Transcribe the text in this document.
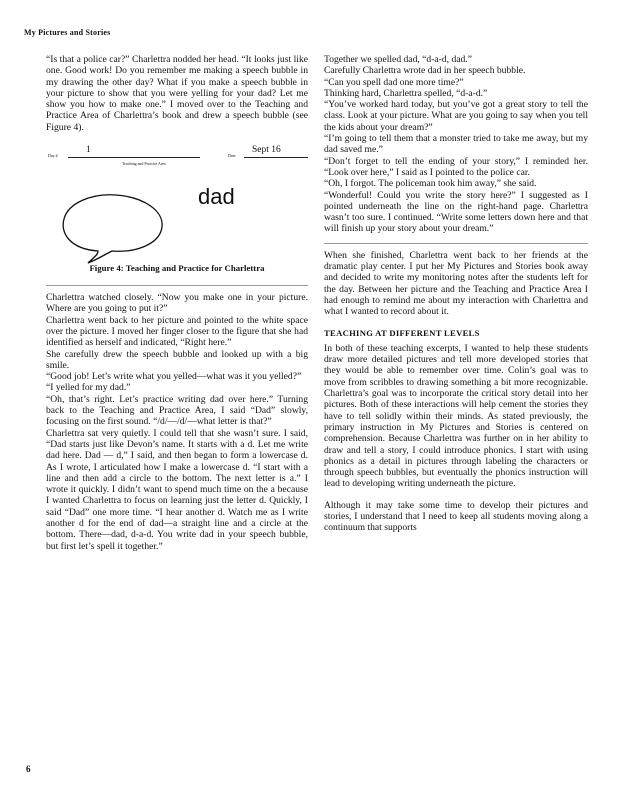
My Pictures and Stories

“Is that a police car?” Charlettra nodded her head. “It looks just like one. Good work! Do you remember me making a speech bubble in my drawing the other day? What if you make a speech bubble in your picture to show that you were yelling for your dad? Let me show you how to make one.” I moved over to the Teaching and Practice Area of Charlettra’s book and drew a speech bubble (see Figure 4).

Day #
1
Teaching and Practice Area
Date
Sept 16
dad
Figure 4: Teaching and Practice for Charlettra

Charlettra watched closely. “Now you make one in your picture. Where are you going to put it?”

Charlettra went back to her picture and pointed to the white space over the picture. I moved her finger closer to the figure that she had identified as herself and indicated, “Right here.”

She carefully drew the speech bubble and looked up with a big smile.

“Good job! Let’s write what you yelled—what was it you yelled?”

“I yelled for my dad.”

“Oh, that’s right. Let’s practice writing dad over here.” Turning back to the Teaching and Practice Area, I said “Dad” slowly, focusing on the first sound. “/d/—/d/—what letter is that?”

Charlettra sat very quietly. I could tell that she wasn’t sure. I said, “Dad starts just like Devon’s name. It starts with a d. Let me write dad here. Dad — d,” I said, and then began to form a lowercase d. As I wrote, I articulated how I make a lowercase d. “I start with a line and then add a circle to the bottom. The next letter is a.” I wrote it quickly. I didn’t want to spend much time on the a because I wanted Charlettra to focus on learning just the letter d. Quickly, I said “Dad” one more time. “I hear another d. Watch me as I write another d for the end of dad—a straight line and a circle at the bottom. There—dad, d-a-d. You write dad in your speech bubble, but first let’s spell it together.”

Together we spelled dad, “d-a-d, dad.”

Carefully Charlettra wrote dad in her speech bubble.

“Can you spell dad one more time?”

Thinking hard, Charlettra spelled, “d-a-d.”

“You’ve worked hard today, but you’ve got a great story to tell the class. Look at your picture. What are you going to say when you tell the kids about your dream?”

“I’m going to tell them that a monster tried to take me away, but my dad saved me.”

“Don’t forget to tell the ending of your story,” I reminded her. “Look over here,” I said as I pointed to the police car.

“Oh, I forgot. The policeman took him away,” she said.

“Wonderful! Could you write the story here?” I suggested as I pointed underneath the line on the right-hand page. Charlettra wasn’t too sure. I continued. “Write some letters down here and that will finish up your story about your dream.”

When she finished, Charlettra went back to her friends at the dramatic play center. I put her My Pictures and Stories book away and decided to write my monitoring notes after the students left for the day. Between her picture and the Teaching and Practice Area I had enough to remind me about my interaction with Charlettra and what I wanted to record about it.

TEACHING AT DIFFERENT LEVELS

In both of these teaching excerpts, I wanted to help these students draw more detailed pictures and tell more developed stories that they would be able to remember over time. Colin’s goal was to move from scribbles to drawing something a bit more recognizable. Charlettra’s goal was to incorporate the critical story detail into her pictures. Both of these interactions will help cement the stories they have to tell solidly within their minds. As stated previously, the primary instruction in My Pictures and Stories is centered on comprehension. Because Charlettra was further on in her ability to draw and tell a story, I could introduce phonics. I start with using phonics as a detail in pictures through labeling the characters or through speech bubbles, but eventually the phonics instruction will lead to developing writing underneath the picture.

Although it may take some time to develop their pictures and stories, I understand that I need to keep all students moving along a continuum that supports

6
